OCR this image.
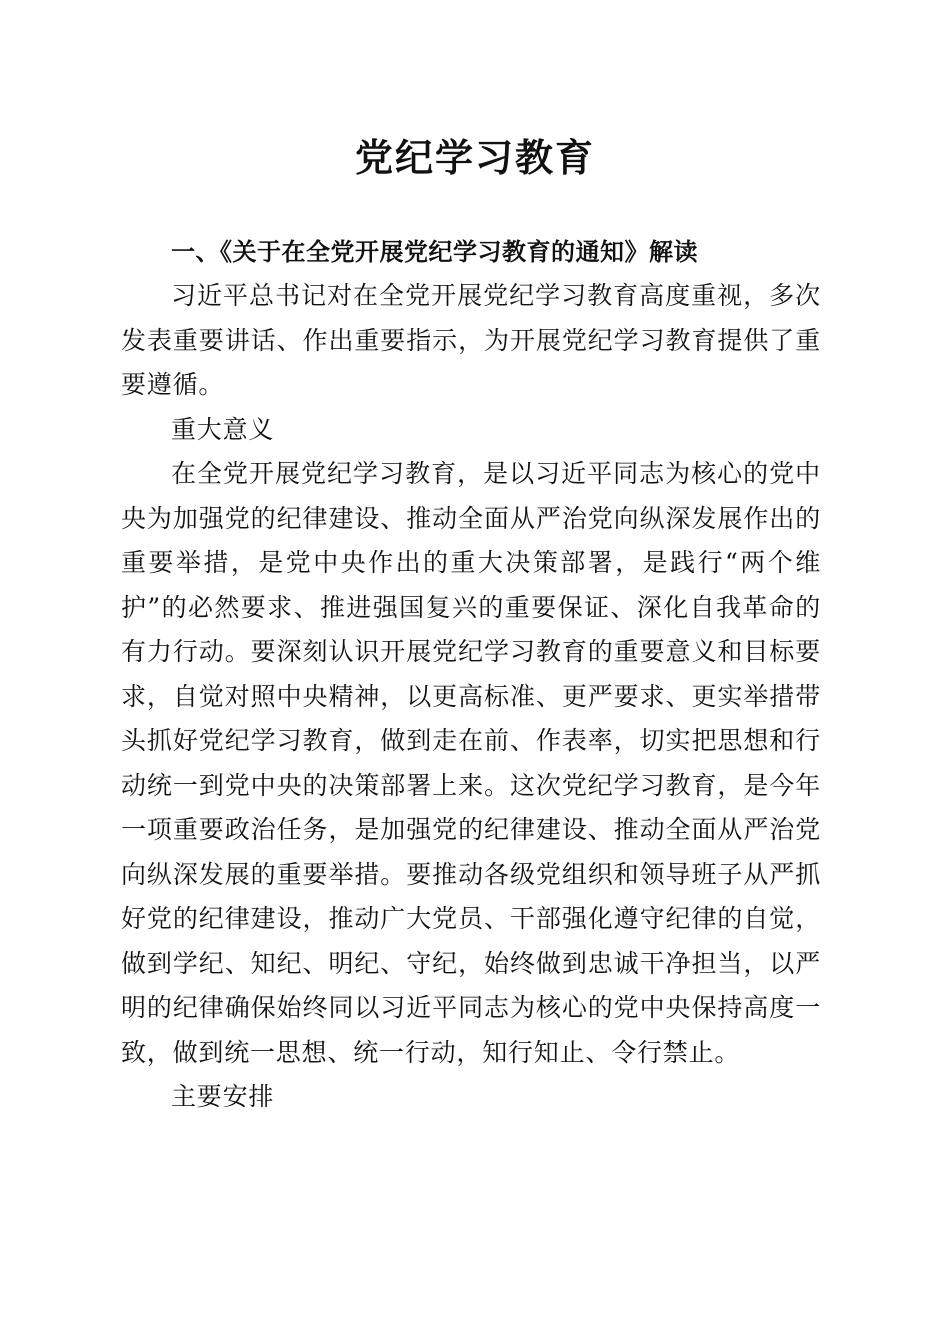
党纪学习教育
一、《关于在全党开展党纪学习教育的通知》解读

习近平总书记对在全党开展党纪学习教育高度重视，多次发表重要讲话、作出重要指示，为开展党纪学习教育提供了重要遵循。

重大意义

在全党开展党纪学习教育，是以习近平同志为核心的党中央为加强党的纪律建设、推动全面从严治党向纵深发展作出的重要举措，是党中央作出的重大决策部署，是践行“两个维护”的必然要求、推进强国复兴的重要保证、深化自我革命的有力行动。要深刻认识开展党纪学习教育的重要意义和目标要求，自觉对照中央精神，以更高标准、更严要求、更实举措带头抓好党纪学习教育，做到走在前、作表率，切实把思想和行动统一到党中央的决策部署上来。这次党纪学习教育，是今年一项重要政治任务，是加强党的纪律建设、推动全面从严治党向纵深发展的重要举措。要推动各级党组织和领导班子从严抓好党的纪律建设，推动广大党员、干部强化遵守纪律的自觉，做到学纪、知纪、明纪、守纪，始终做到忠诚干净担当，以严明的纪律确保始终同以习近平同志为核心的党中央保持高度一致，做到统一思想、统一行动，知行知止、令行禁止。

主要安排
